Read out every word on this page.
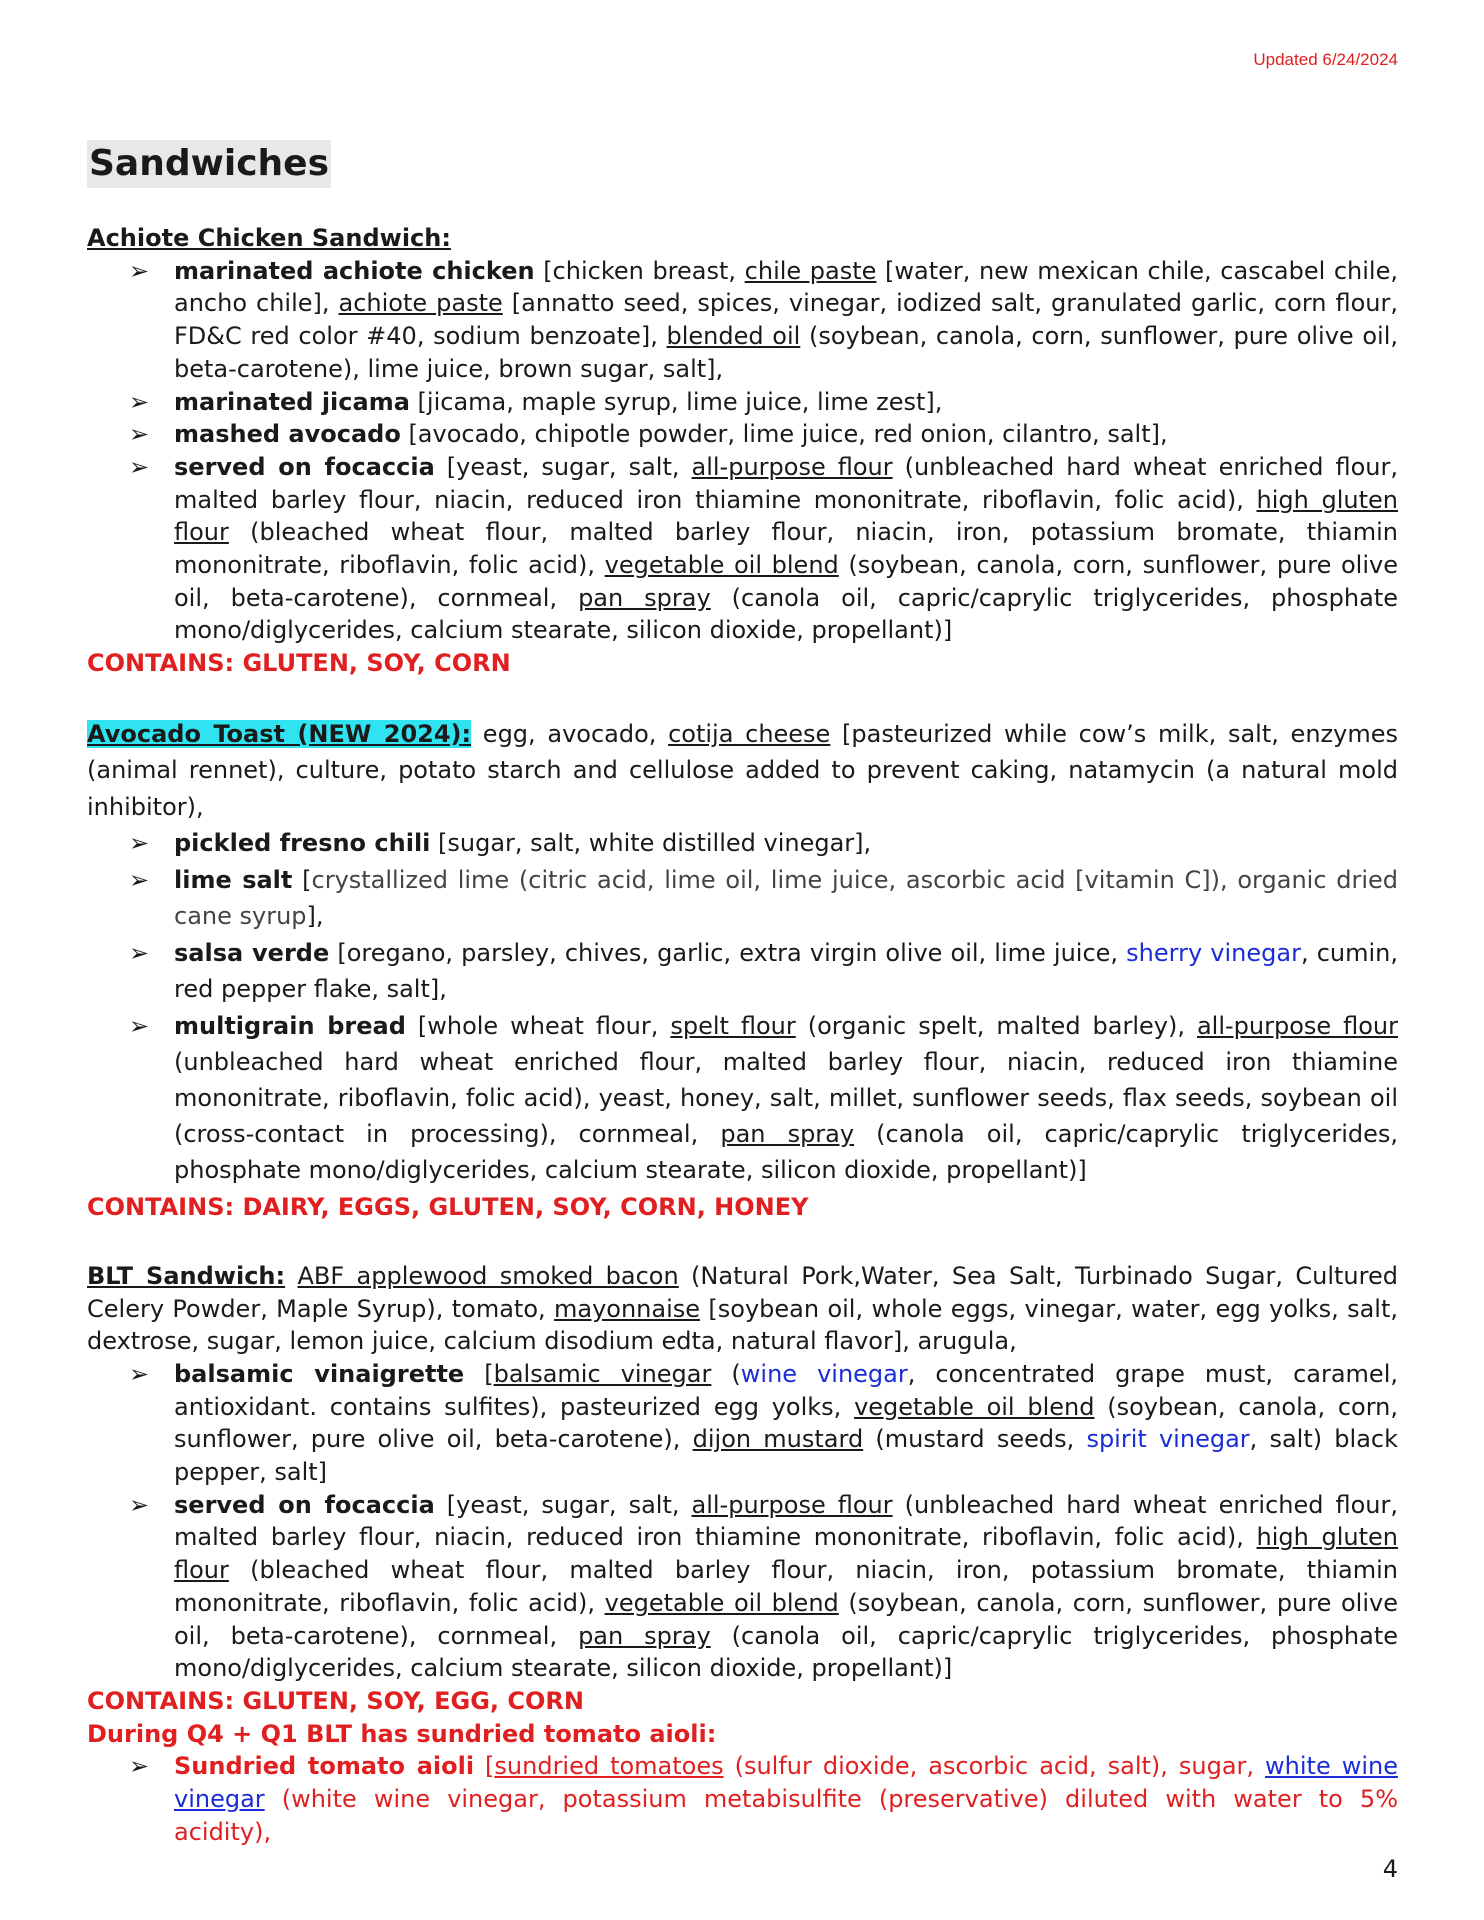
Updated 6/24/2024
Sandwiches

Achiote Chicken Sandwich:

➢ marinated achiote chicken [chicken breast, chile paste [water, new mexican chile, cascabel chile, ancho chile], achiote paste [annatto seed, spices, vinegar, iodized salt, granulated garlic, corn flour, FD&C red color #40, sodium benzoate], blended oil (soybean, canola, corn, sunflower, pure olive oil, beta-carotene), lime juice, brown sugar, salt],
➢ marinated jicama [jicama, maple syrup, lime juice, lime zest],
➢ mashed avocado [avocado, chipotle powder, lime juice, red onion, cilantro, salt],
➢ served on focaccia [yeast, sugar, salt, all-purpose flour (unbleached hard wheat enriched flour, malted barley flour, niacin, reduced iron thiamine mononitrate, riboflavin, folic acid), high gluten flour (bleached wheat flour, malted barley flour, niacin, iron, potassium bromate, thiamin mononitrate, riboflavin, folic acid), vegetable oil blend (soybean, canola, corn, sunflower, pure olive oil, beta-carotene), cornmeal, pan spray (canola oil, capric/caprylic triglycerides, phosphate mono/diglycerides, calcium stearate, silicon dioxide, propellant)]

CONTAINS: GLUTEN, SOY, CORN

Avocado Toast (NEW 2024): egg, avocado, cotija cheese [pasteurized while cow’s milk, salt, enzymes (animal rennet), culture, potato starch and cellulose added to prevent caking, natamycin (a natural mold inhibitor),

➢ pickled fresno chili [sugar, salt, white distilled vinegar],
➢ lime salt [crystallized lime (citric acid, lime oil, lime juice, ascorbic acid [vitamin C]), organic dried cane syrup],
➢ salsa verde [oregano, parsley, chives, garlic, extra virgin olive oil, lime juice, sherry vinegar, cumin, red pepper flake, salt],
➢ multigrain bread [whole wheat flour, spelt flour (organic spelt, malted barley), all-purpose flour (unbleached hard wheat enriched flour, malted barley flour, niacin, reduced iron thiamine mononitrate, riboflavin, folic acid), yeast, honey, salt, millet, sunflower seeds, flax seeds, soybean oil (cross-contact in processing), cornmeal, pan spray (canola oil, capric/caprylic triglycerides, phosphate mono/diglycerides, calcium stearate, silicon dioxide, propellant)]

CONTAINS: DAIRY, EGGS, GLUTEN, SOY, CORN, HONEY

BLT Sandwich: ABF applewood smoked bacon (Natural Pork,Water, Sea Salt, Turbinado Sugar, Cultured Celery Powder, Maple Syrup), tomato, mayonnaise [soybean oil, whole eggs, vinegar, water, egg yolks, salt, dextrose, sugar, lemon juice, calcium disodium edta, natural flavor], arugula,

➢ balsamic vinaigrette [balsamic vinegar (wine vinegar, concentrated grape must, caramel, antioxidant. contains sulfites), pasteurized egg yolks, vegetable oil blend (soybean, canola, corn, sunflower, pure olive oil, beta-carotene), dijon mustard (mustard seeds, spirit vinegar, salt) black pepper, salt]
➢ served on focaccia [yeast, sugar, salt, all-purpose flour (unbleached hard wheat enriched flour, malted barley flour, niacin, reduced iron thiamine mononitrate, riboflavin, folic acid), high gluten flour (bleached wheat flour, malted barley flour, niacin, iron, potassium bromate, thiamin mononitrate, riboflavin, folic acid), vegetable oil blend (soybean, canola, corn, sunflower, pure olive oil, beta-carotene), cornmeal, pan spray (canola oil, capric/caprylic triglycerides, phosphate mono/diglycerides, calcium stearate, silicon dioxide, propellant)]

CONTAINS: GLUTEN, SOY, EGG, CORN

During Q4 + Q1 BLT has sundried tomato aioli:

➢ Sundried tomato aioli [sundried tomatoes (sulfur dioxide, ascorbic acid, salt), sugar, white wine vinegar (white wine vinegar, potassium metabisulfite (preservative) diluted with water to 5% acidity),
4
